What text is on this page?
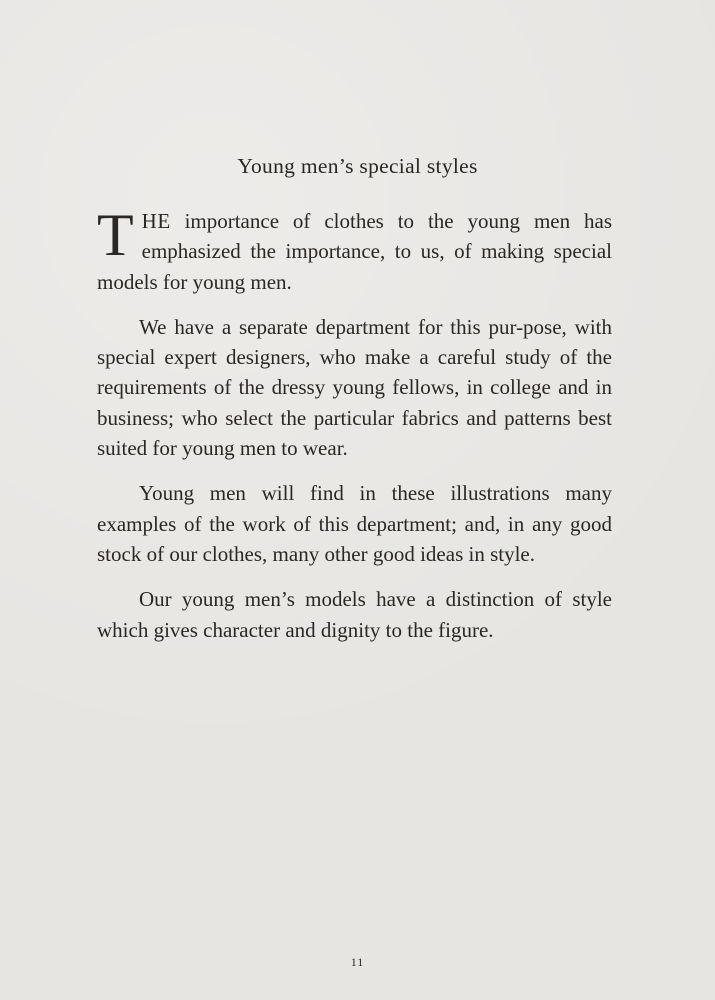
Young men’s special styles

THE importance of clothes to the young men has emphasized the importance, to us, of making special models for young men.

We have a separate department for this pur-pose, with special expert designers, who make a careful study of the requirements of the dressy young fellows, in college and in business; who select the particular fabrics and patterns best suited for young men to wear.

Young men will find in these illustrations many examples of the work of this department; and, in any good stock of our clothes, many other good ideas in style.

Our young men’s models have a distinction of style which gives character and dignity to the figure.

11
